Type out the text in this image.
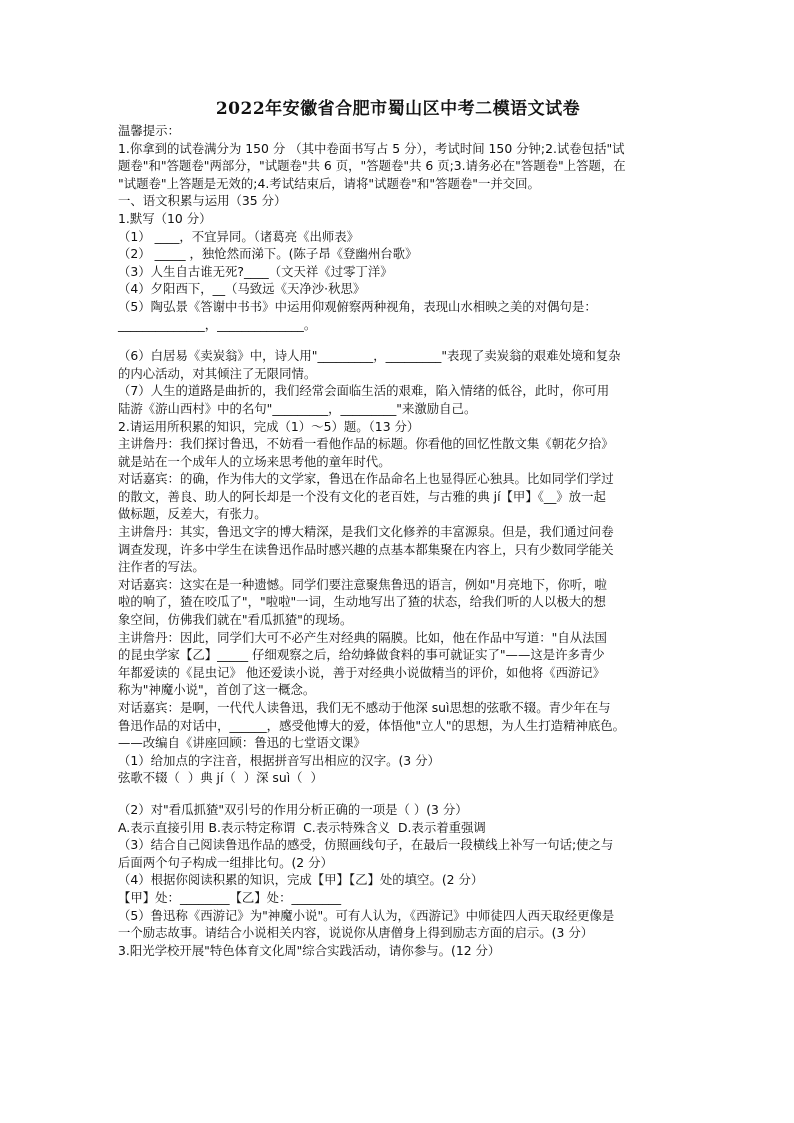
2022年安徽省合肥市蜀山区中考二模语文试卷

温馨提示：

1.你拿到的试卷满分为 150 分 （其中卷面书写占 5 分），考试时间 150 分钟;2.试卷包括"试

题卷"和"答题卷"两部分，"试题卷"共 6 页，"答题卷"共 6 页;3.请务必在"答题卷"上答题，在

"试题卷"上答题是无效的;4.考试结束后，请将"试题卷"和"答题卷"一并交回。

一、语文积累与运用（35 分）

1.默写（10 分）

（1） ____，不宜异同。（诸葛亮《出师表》

（2） _____ ，独怆然而涕下。(陈子昂《登幽州台歌》

（3）人生自古谁无死?____（文天祥《过零丁洋》

（4）夕阳西下，__（马致远《天净沙·秋思》

（5）陶弘景《答谢中书书》中运用仰观俯察两种视角，表现山水相映之美的对偶句是：

______________，______________。

（6）白居易《卖炭翁》中，诗人用"_________，_________"表现了卖炭翁的艰难处境和复杂

的内心活动，对其倾注了无限同情。

（7）人生的道路是曲折的，我们经常会面临生活的艰难，陷入情绪的低谷，此时，你可用

陆游《游山西村》中的名句"_________，_________"来激励自己。

2.请运用所积累的知识，完成（1）～5）题。（13 分）

主讲詹丹：我们探讨鲁迅，不妨看一看他作品的标题。你看他的回忆性散文集《朝花夕拾》

就是站在一个成年人的立场来思考他的童年时代。

对话嘉宾：的确，作为伟大的文学家，鲁迅在作品命名上也显得匠心独具。比如同学们学过

的散文，善良、助人的阿长却是一个没有文化的老百姓，与古雅的典 jí【甲】《__》放一起

做标题，反差大，有张力。

主讲詹丹：其实，鲁迅文字的博大精深，是我们文化修养的丰富源泉。但是，我们通过问卷

调查发现，许多中学生在读鲁迅作品时感兴趣的点基本都集聚在内容上，只有少数同学能关

注作者的写法。

对话嘉宾：这实在是一种遗憾。同学们要注意聚焦鲁迅的语言，例如"月亮地下，你听，啦

啦的响了，猹在咬瓜了"，"啦啦"一词，生动地写出了猹的状态，给我们听的人以极大的想

象空间，仿佛我们就在"看瓜抓猹"的现场。

主讲詹丹：因此，同学们大可不必产生对经典的隔膜。比如，他在作品中写道："自从法国

的昆虫学家【乙】_____ 仔细观察之后，给幼蜂做食料的事可就证实了"——这是许多青少

年都爱读的《昆虫记》 他还爱读小说，善于对经典小说做精当的评价，如他将《西游记》

称为"神魔小说"，首创了这一概念。

对话嘉宾：是啊，一代代人读鲁迅，我们无不感动于他深 suì思想的弦歌不辍。青少年在与

鲁迅作品的对话中，______，感受他博大的爱，体悟他"立人"的思想，为人生打造精神底色。

——改编自《讲座回顾：鲁迅的七堂语文课》

（1）给加点的字注音，根据拼音写出相应的汉字。(3 分）

弦歌不辍（  ）典 jí（  ）深 suì（  ）

（2）对"看瓜抓猹"双引号的作用分析正确的一项是（ ）(3 分）

A.表示直接引用 B.表示特定称谓  C.表示特殊含义  D.表示着重强调

（3）结合自己阅读鲁迅作品的感受，仿照画线句子，在最后一段横线上补写一句话;使之与

后面两个句子构成一组排比句。(2 分）

（4）根据你阅读积累的知识，完成【甲】【乙】处的填空。(2 分）

【甲】处：________【乙】处：________

（5）鲁迅称《西游记》为"神魔小说"。可有人认为，《西游记》中师徒四人西天取经更像是

一个励志故事。请结合小说相关内容，说说你从唐僧身上得到励志方面的启示。(3 分）

3.阳光学校开展"特色体育文化周"综合实践活动，请你参与。(12 分）
